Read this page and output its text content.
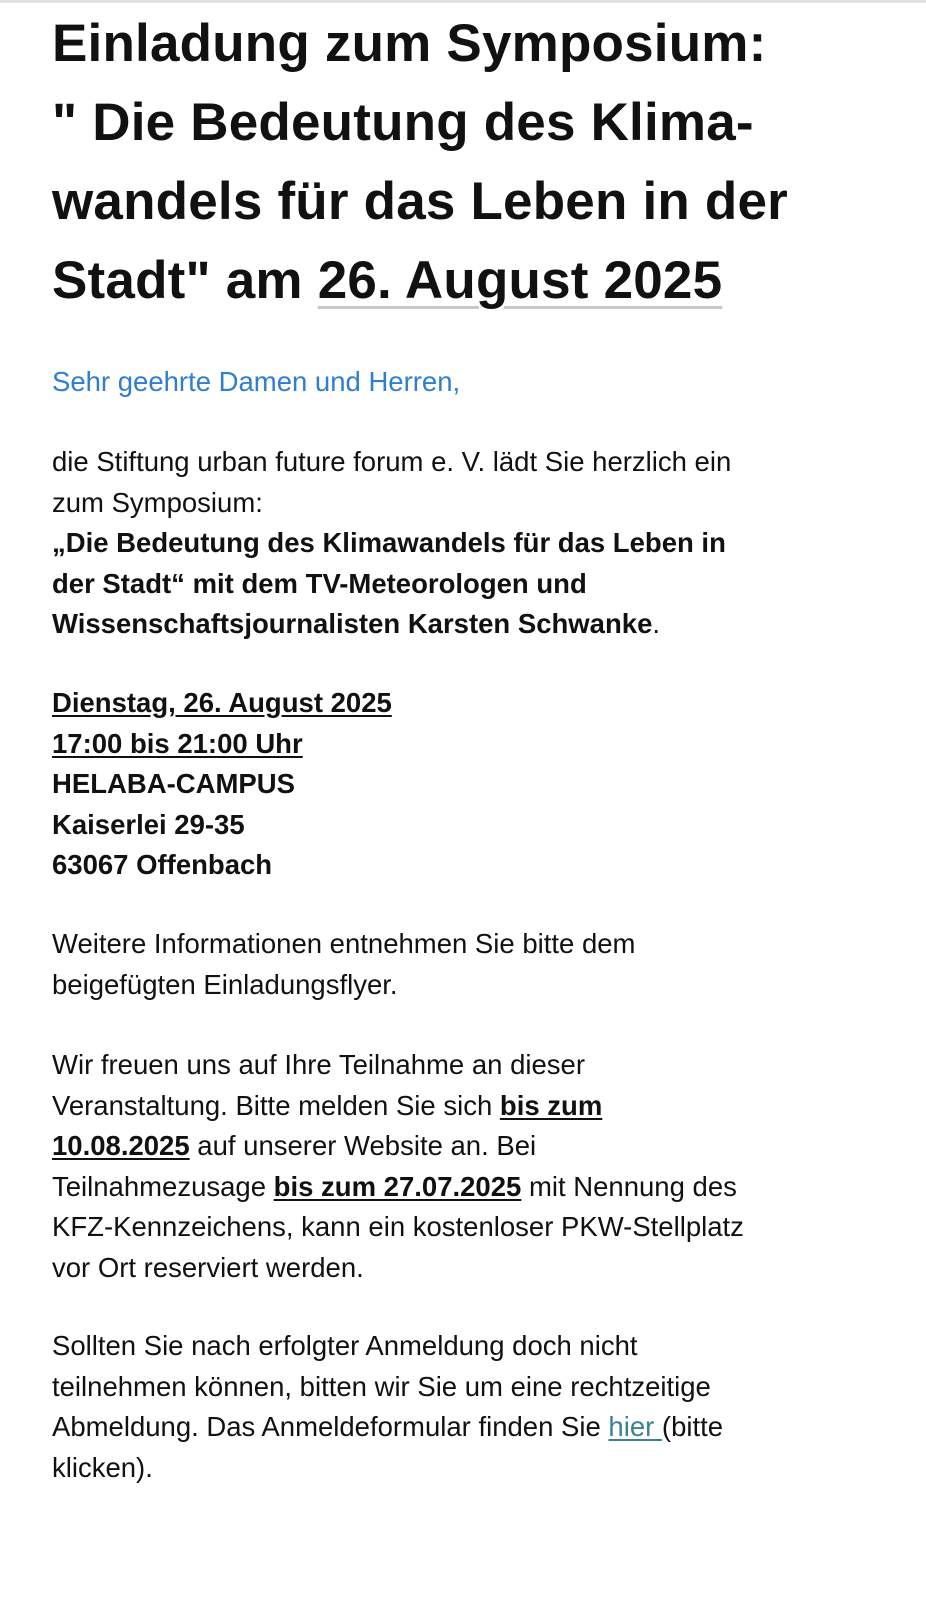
Einladung zum Symposium:
" Die Bedeutung des Klima-
wandels für das Leben in der
Stadt" am 26. August 2025

Sehr geehrte Damen und Herren,

die Stiftung urban future forum e. V. lädt Sie herzlich ein
zum Symposium:
„Die Bedeutung des Klimawandels für das Leben in
der Stadt“ mit dem TV-Meteorologen und
Wissenschaftsjournalisten Karsten Schwanke.

Dienstag, 26. August 2025
17:00 bis 21:00 Uhr
HELABA-CAMPUS
Kaiserlei 29-35
63067 Offenbach

Weitere Informationen entnehmen Sie bitte dem
beigefügten Einladungsflyer.

Wir freuen uns auf Ihre Teilnahme an dieser
Veranstaltung. Bitte melden Sie sich bis zum
10.08.2025 auf unserer Website an. Bei
Teilnahmezusage bis zum 27.07.2025 mit Nennung des
KFZ-Kennzeichens, kann ein kostenloser PKW-Stellplatz
vor Ort reserviert werden.

Sollten Sie nach erfolgter Anmeldung doch nicht
teilnehmen können, bitten wir Sie um eine rechtzeitige
Abmeldung. Das Anmeldeformular finden Sie hier (bitte
klicken).
